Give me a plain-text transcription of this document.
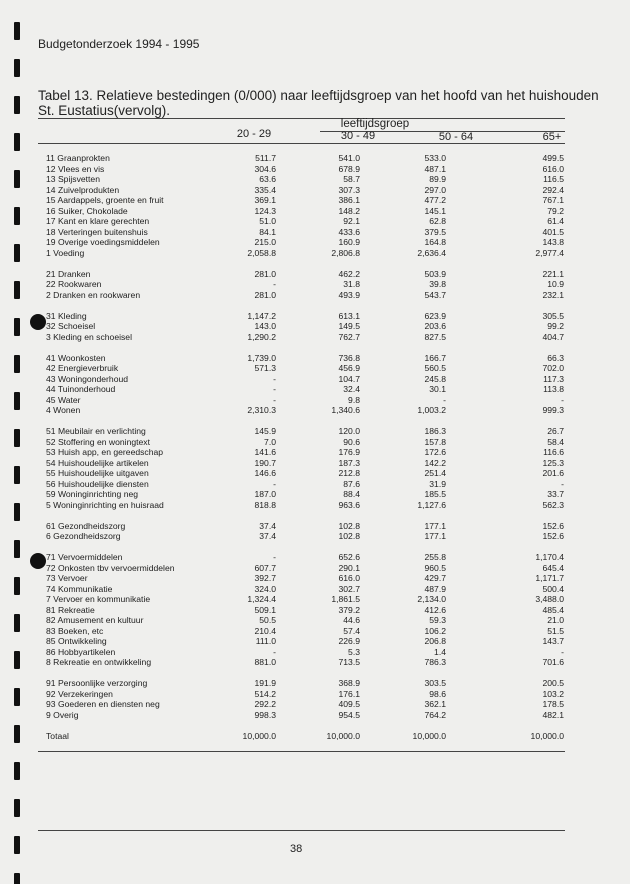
Budgetonderzoek 1994 - 1995
Tabel 13. Relatieve bestedingen (0/000) naar leeftijdsgroep van het hoofd van het huishouden
St. Eustatius(vervolg).
leeftijdsgroep
20 - 29	30 - 49	50 - 64	65+
11 Graanprokten	511.7	541.0	533.0	499.5
12 Vlees en vis	304.6	678.9	487.1	616.0
13 Spijsvetten	63.6	58.7	89.9	116.5
14 Zuivelprodukten	335.4	307.3	297.0	292.4
15 Aardappels, groente en fruit	369.1	386.1	477.2	767.1
16 Suiker, Chokolade	124.3	148.2	145.1	79.2
17 Kant en klare gerechten	51.0	92.1	62.8	61.4
18 Verteringen buitenshuis	84.1	433.6	379.5	401.5
19 Overige voedingsmiddelen	215.0	160.9	164.8	143.8
1 Voeding	2,058.8	2,806.8	2,636.4	2,977.4
21 Dranken	281.0	462.2	503.9	221.1
22 Rookwaren	-	31.8	39.8	10.9
2 Dranken en rookwaren	281.0	493.9	543.7	232.1
31 Kleding	1,147.2	613.1	623.9	305.5
32 Schoeisel	143.0	149.5	203.6	99.2
3 Kleding en schoeisel	1,290.2	762.7	827.5	404.7
41 Woonkosten	1,739.0	736.8	166.7	66.3
42 Energieverbruik	571.3	456.9	560.5	702.0
43 Woningonderhoud	-	104.7	245.8	117.3
44 Tuinonderhoud	-	32.4	30.1	113.8
45 Water	-	9.8	-	-
4 Wonen	2,310.3	1,340.6	1,003.2	999.3
51 Meubilair en verlichting	145.9	120.0	186.3	26.7
52 Stoffering en woningtext	7.0	90.6	157.8	58.4
53 Huish app, en gereedschap	141.6	176.9	172.6	116.6
54 Huishoudelijke artikelen	190.7	187.3	142.2	125.3
55 Huishoudelijke uitgaven	146.6	212.8	251.4	201.6
56 Huishoudelijke diensten	-	87.6	31.9	-
59 Woninginrichting neg	187.0	88.4	185.5	33.7
5 Woninginrichting en huisraad	818.8	963.6	1,127.6	562.3
61 Gezondheidszorg	37.4	102.8	177.1	152.6
6 Gezondheidszorg	37.4	102.8	177.1	152.6
71 Vervoermiddelen	-	652.6	255.8	1,170.4
72 Onkosten tbv vervoermiddelen	607.7	290.1	960.5	645.4
73 Vervoer	392.7	616.0	429.7	1,171.7
74 Kommunikatie	324.0	302.7	487.9	500.4
7 Vervoer en kommunikatie	1,324.4	1,861.5	2,134.0	3,488.0
81 Rekreatie	509.1	379.2	412.6	485.4
82 Amusement en kultuur	50.5	44.6	59.3	21.0
83 Boeken, etc	210.4	57.4	106.2	51.5
85 Ontwikkeling	111.0	226.9	206.8	143.7
86 Hobbyartikelen	-	5.3	1.4	-
8 Rekreatie en ontwikkeling	881.0	713.5	786.3	701.6
91 Persoonlijke verzorging	191.9	368.9	303.5	200.5
92 Verzekeringen	514.2	176.1	98.6	103.2
93 Goederen en diensten neg	292.2	409.5	362.1	178.5
9 Overig	998.3	954.5	764.2	482.1
Totaal	10,000.0	10,000.0	10,000.0	10,000.0
38
